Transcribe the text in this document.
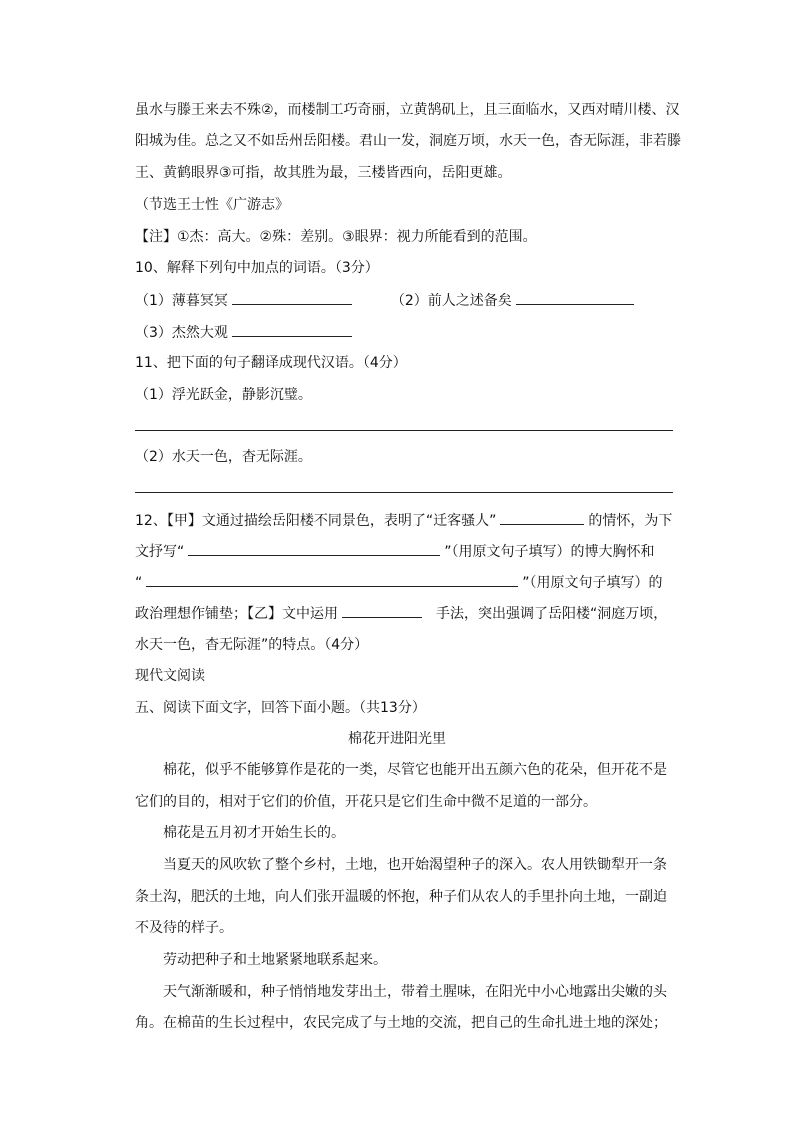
虽水与滕王来去不殊②，而楼制工巧奇丽，立黄鹄矶上，且三面临水，又西对晴川楼、汉
阳城为佳。总之又不如岳州岳阳楼。君山一发，洞庭万顷，水天一色，杳无际涯，非若滕
王、黄鹤眼界③可指，故其胜为最，三楼皆西向，岳阳更雄。
（节选王士性《广游志》
【注】①杰：高大。②殊：差别。③眼界：视力所能看到的范围。
10、解释下列句中加点的词语。（3分）
（1）薄暮冥冥	（2）前人之述备矣
（3）杰然大观
11、把下面的句子翻译成现代汉语。（4分）
（1）浮光跃金，静影沉璧。
（2）水天一色，杳无际涯。
12、【甲】文通过描绘岳阳楼不同景色，表明了“迁客骚人”	的情怀，为下
文抒写“	”（用原文句子填写）的博大胸怀和
“	”（用原文句子填写）的
政治理想作铺垫；【乙】文中运用	手法，突出强调了岳阳楼“洞庭万顷，
水天一色，杳无际涯”的特点。（4分）
现代文阅读
五、阅读下面文字，回答下面小题。（共13分）
棉花开进阳光里
棉花，似乎不能够算作是花的一类，尽管它也能开出五颜六色的花朵，但开花不是
它们的目的，相对于它们的价值，开花只是它们生命中微不足道的一部分。
棉花是五月初才开始生长的。
当夏天的风吹软了整个乡村，土地，也开始渴望种子的深入。农人用铁锄犁开一条
条土沟，肥沃的土地，向人们张开温暖的怀抱，种子们从农人的手里扑向土地，一副迫
不及待的样子。
劳动把种子和土地紧紧地联系起来。
天气渐渐暖和，种子悄悄地发芽出土，带着土腥味，在阳光中小心地露出尖嫩的头
角。在棉苗的生长过程中，农民完成了与土地的交流，把自己的生命扎进土地的深处；
